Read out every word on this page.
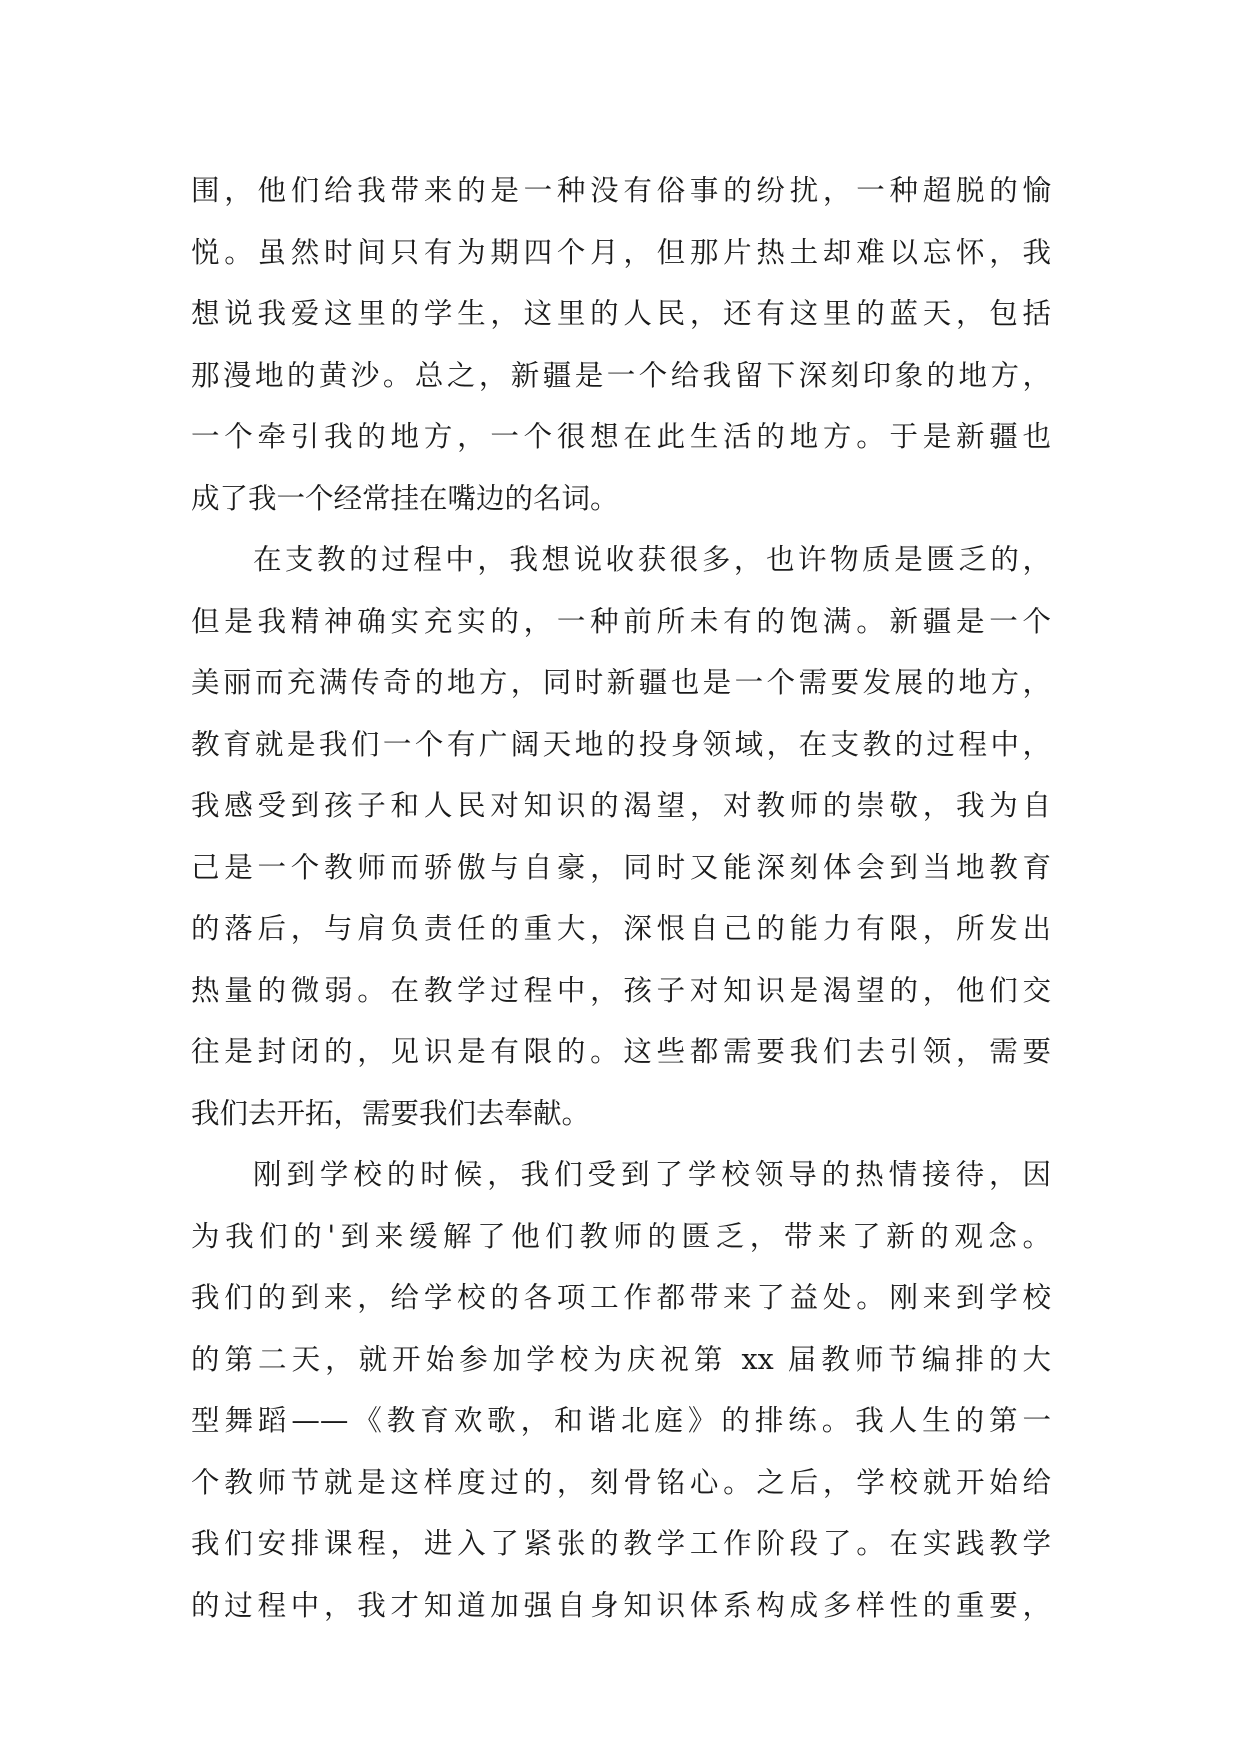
围，他们给我带来的是一种没有俗事的纷扰，一种超脱的愉
悦。虽然时间只有为期四个月，但那片热土却难以忘怀，我
想说我爱这里的学生，这里的人民，还有这里的蓝天，包括
那漫地的黄沙。总之，新疆是一个给我留下深刻印象的地方，
一个牵引我的地方，一个很想在此生活的地方。于是新疆也
成了我一个经常挂在嘴边的名词。
在支教的过程中，我想说收获很多，也许物质是匮乏的，
但是我精神确实充实的，一种前所未有的饱满。新疆是一个
美丽而充满传奇的地方，同时新疆也是一个需要发展的地方，
教育就是我们一个有广阔天地的投身领域，在支教的过程中，
我感受到孩子和人民对知识的渴望，对教师的崇敬，我为自
己是一个教师而骄傲与自豪，同时又能深刻体会到当地教育
的落后，与肩负责任的重大，深恨自己的能力有限，所发出
热量的微弱。在教学过程中，孩子对知识是渴望的，他们交
往是封闭的，见识是有限的。这些都需要我们去引领，需要
我们去开拓，需要我们去奉献。
刚到学校的时候，我们受到了学校领导的热情接待，因
为我们的'到来缓解了他们教师的匮乏，带来了新的观念。
我们的到来，给学校的各项工作都带来了益处。刚来到学校
的第二天，就开始参加学校为庆祝第 xx 届教师节编排的大
型舞蹈——《教育欢歌，和谐北庭》的排练。我人生的第一
个教师节就是这样度过的，刻骨铭心。之后，学校就开始给
我们安排课程，进入了紧张的教学工作阶段了。在实践教学
的过程中，我才知道加强自身知识体系构成多样性的重要，
